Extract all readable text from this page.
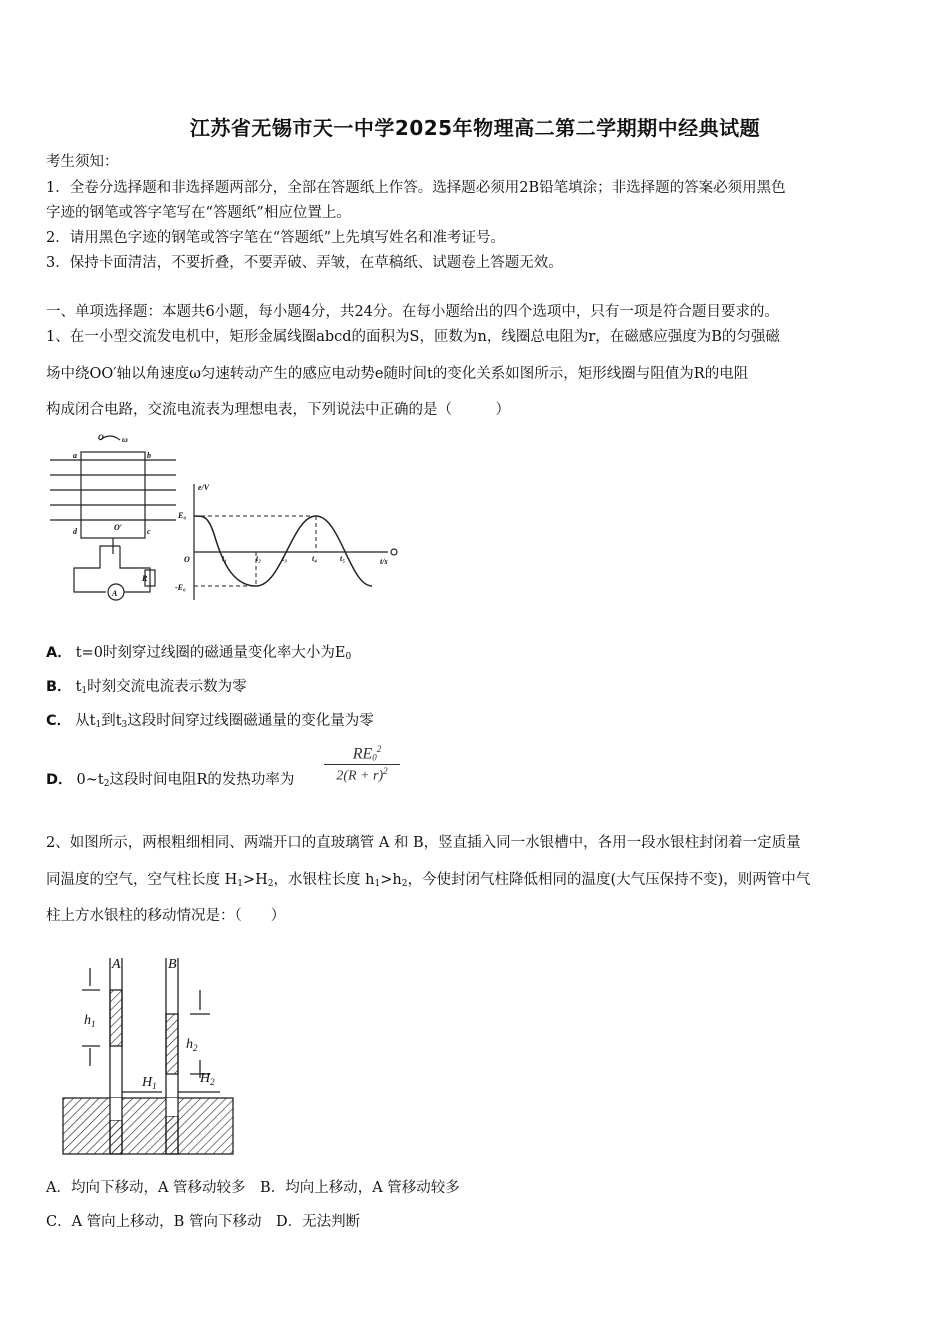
江苏省无锡市天一中学2025年物理高二第二学期期中经典试题
考生须知：
1．全卷分选择题和非选择题两部分，全部在答题纸上作答。选择题必须用2B铅笔填涂；非选择题的答案必须用黑色
字迹的钢笔或答字笔写在“答题纸”相应位置上。
2．请用黑色字迹的钢笔或答字笔在“答题纸”上先填写姓名和准考证号。
3．保持卡面清洁，不要折叠，不要弄破、弄皱，在草稿纸、试题卷上答题无效。
一、单项选择题：本题共6小题，每小题4分，共24分。在每小题给出的四个选项中，只有一项是符合题目要求的。
1、在一小型交流发电机中，矩形金属线圈abcd的面积为S，匝数为n，线圈总电阻为r，在磁感应强度为B的匀强磁
场中绕OO′轴以角速度ω匀速转动产生的感应电动势e随时间t的变化关系如图所示，矩形线圈与阻值为R的电阻
构成闭合电路，交流电流表为理想电表，下列说法中正确的是（　　　）
a	b
c
d
O
O′
ω
R
A
e/V
t/s
O
E₀
-E₀
t₁	t₂	t₃	t₄	t₅
A． t=0时刻穿过线圈的磁通量变化率大小为$E_0$
B． $t_1$时刻交流电流表示数为零
C． 从$t_1$到$t_3$这段时间穿过线圈磁通量的变化量为零
D． $0\sim t_2$这段时间电阻R的发热功率为
$RE_0^2$
$2(R + r)^2$
2、如图所示，两根粗细相同、两端开口的直玻璃管 A 和 B，竖直插入同一水银槽中，各用一段水银柱封闭着一定质量
同温度的空气，空气柱长度 $H_1>H_2$，水银柱长度 $h_1>h_2$，今使封闭气柱降低相同的温度(大气压保持不变)，则两管中气
柱上方水银柱的移动情况是：（　　）
A	B
$h_1$
$h_2$
$H_1$	$H_2$
A．均向下移动，A 管移动较多　B．均向上移动，A 管移动较多
C．A 管向上移动，B 管向下移动　D．无法判断
